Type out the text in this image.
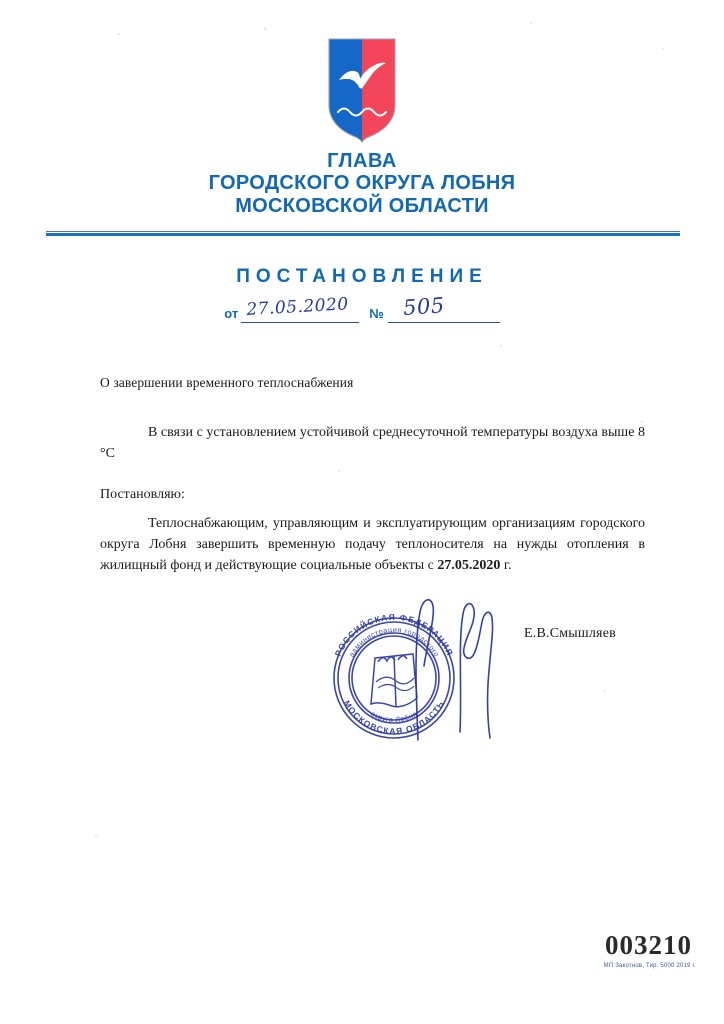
ГЛАВА
ГОРОДСКОГО ОКРУГА ЛОБНЯ
МОСКОВСКОЙ ОБЛАСТИ
ПОСТАНОВЛЕНИЕ
от 27.05.2020 № 505
О завершении временного теплоснабжения
В связи с установлением устойчивой среднесуточной температуры воздуха выше 8 °C
Постановляю:
Теплоснабжающим, управляющим и эксплуатирующим организациям городского округа Лобня завершить временную подачу теплоносителя на нужды отопления в жилищный фонд и действующие социальные объекты с 27.05.2020 г.
РОССИЙСКАЯ ФЕДЕРАЦИЯ
МОСКОВСКАЯ ОБЛАСТЬ
администрация городского
округа Лобня
Е.В.Смышляев
003210
МП Закотнов, Тир. 5000 2019 г.
